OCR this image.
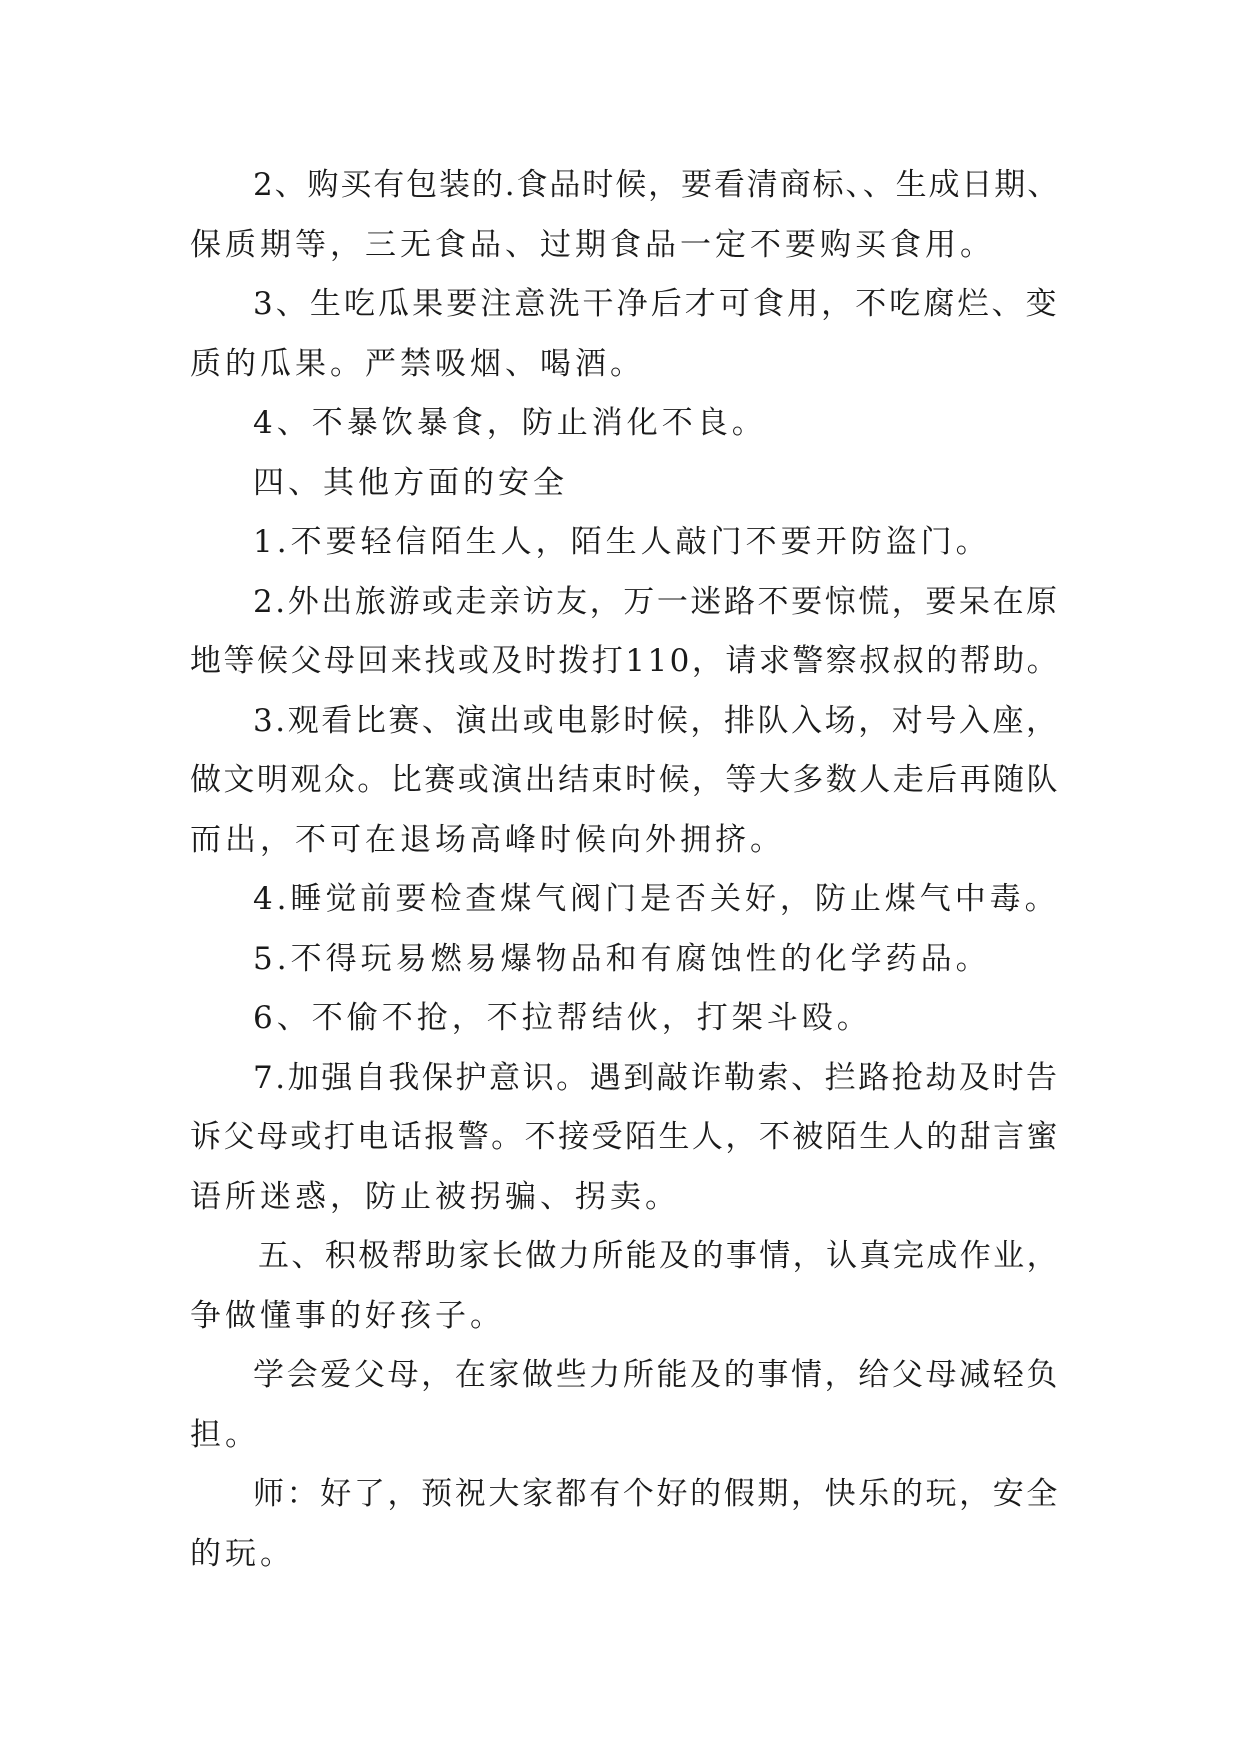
2、购买有包装的.食品时候，要看清商标、、生成日期、
保质期等，三无食品、过期食品一定不要购买食用。
3、生吃瓜果要注意洗干净后才可食用，不吃腐烂、变
质的瓜果。严禁吸烟、喝酒。
4、不暴饮暴食，防止消化不良。
四、其他方面的安全
1.不要轻信陌生人，陌生人敲门不要开防盗门。
2.外出旅游或走亲访友，万一迷路不要惊慌，要呆在原
地等候父母回来找或及时拨打110，请求警察叔叔的帮助。
3.观看比赛、演出或电影时候，排队入场，对号入座，
做文明观众。比赛或演出结束时候，等大多数人走后再随队
而出，不可在退场高峰时候向外拥挤。
4.睡觉前要检查煤气阀门是否关好，防止煤气中毒。
5.不得玩易燃易爆物品和有腐蚀性的化学药品。
6、不偷不抢，不拉帮结伙，打架斗殴。
7.加强自我保护意识。遇到敲诈勒索、拦路抢劫及时告
诉父母或打电话报警。不接受陌生人，不被陌生人的甜言蜜
语所迷惑，防止被拐骗、拐卖。
五、积极帮助家长做力所能及的事情，认真完成作业，
争做懂事的好孩子。
学会爱父母，在家做些力所能及的事情，给父母减轻负
担。
师：好了，预祝大家都有个好的假期，快乐的玩，安全
的玩。
